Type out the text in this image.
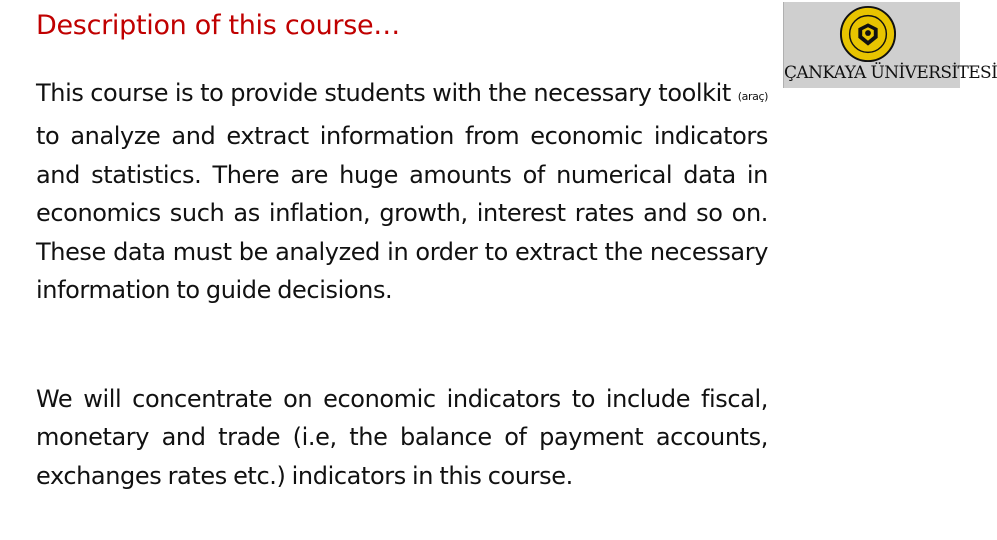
Description of this course…
This course is to provide students with the necessary toolkit (araç) to analyze and extract information from economic indicators and statistics. There are huge amounts of numerical data in economics such as inflation, growth, interest rates and so on. These data must be analyzed in order to extract the necessary information to guide decisions.
We will concentrate on economic indicators to include fiscal, monetary and trade (i.e, the balance of payment accounts, exchanges rates etc.) indicators in this course.
ÇANKAYA ÜNİVERSİTESİ
